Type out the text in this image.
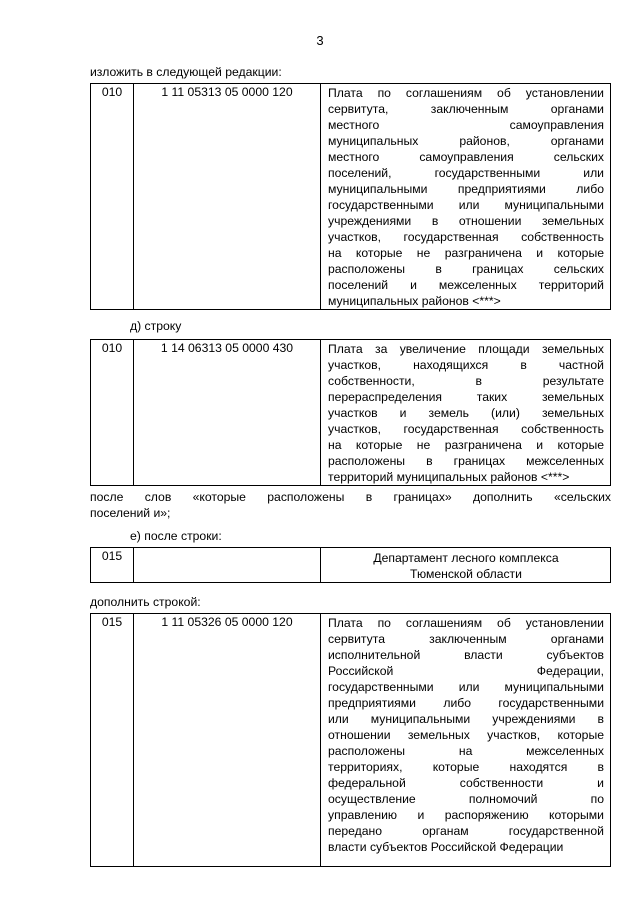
3
изложить в следующей редакции:
010	1 11 05313 05 0000 120	Плата по соглашениям об установлении
сервитута, заключенным органами
местного самоуправления
муниципальных районов, органами
местного самоуправления сельских
поселений, государственными или
муниципальными предприятиями либо
государственными или муниципальными
учреждениями в отношении земельных
участков, государственная собственность
на которые не разграничена и которые
расположены в границах сельских
поселений и межселенных территорий
муниципальных районов <***>
д) строку
010	1 14 06313 05 0000 430	Плата за увеличение площади земельных
участков, находящихся в частной
собственности, в результате
перераспределения таких земельных
участков и земель (или) земельных
участков, государственная собственность
на которые не разграничена и которые
расположены в границах межселенных
территорий муниципальных районов <***>
после слов «которые расположены в границах» дополнить «сельских
поселений и»;
е) после строки:
015		Департамент лесного комплекса
Тюменской области
дополнить строкой:
015	1 11 05326 05 0000 120	Плата по соглашениям об установлении
сервитута заключенным органами
исполнительной власти субъектов
Российской Федерации,
государственными или муниципальными
предприятиями либо государственными
или муниципальными учреждениями в
отношении земельных участков, которые
расположены на межселенных
территориях, которые находятся в
федеральной собственности и
осуществление полномочий по
управлению и распоряжению которыми
передано органам государственной
власти субъектов Российской Федерации
